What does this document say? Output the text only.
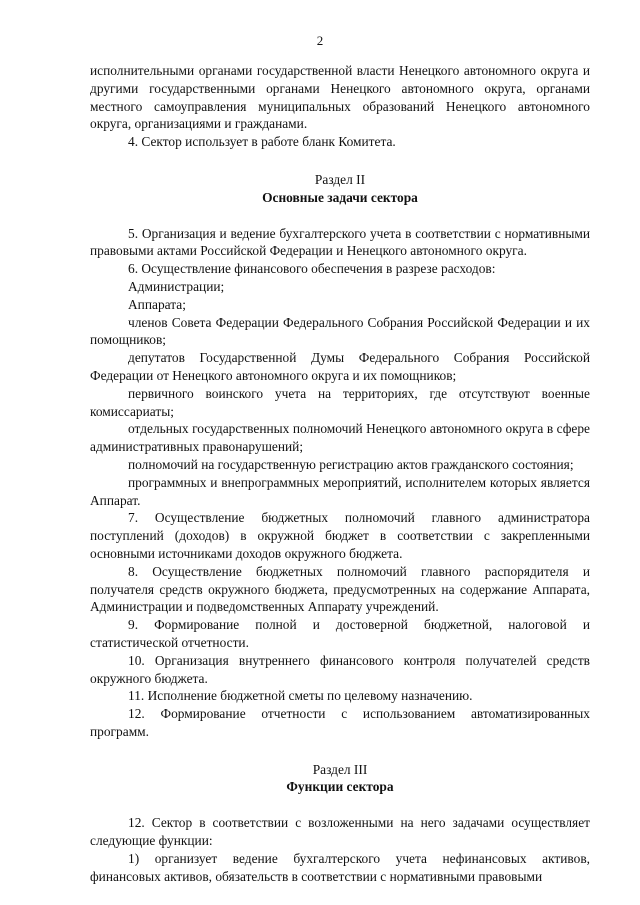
2

исполнительными органами государственной власти Ненецкого автономного округа и другими государственными органами Ненецкого автономного округа, органами местного самоуправления муниципальных образований Ненецкого автономного округа, организациями и гражданами.

4. Сектор использует в работе бланк Комитета.

Раздел II

Основные задачи сектора

5. Организация и ведение бухгалтерского учета в соответствии с нормативными правовыми актами Российской Федерации и Ненецкого автономного округа.

6. Осуществление финансового обеспечения в разрезе расходов:

Администрации;

Аппарата;

членов Совета Федерации Федерального Собрания Российской Федерации и их помощников;

депутатов Государственной Думы Федерального Собрания Российской Федерации от Ненецкого автономного округа и их помощников;

первичного воинского учета на территориях, где отсутствуют военные комиссариаты;

отдельных государственных полномочий Ненецкого автономного округа в сфере административных правонарушений;

полномочий на государственную регистрацию актов гражданского состояния;

программных и внепрограммных мероприятий, исполнителем которых является Аппарат.

7. Осуществление бюджетных полномочий главного администратора поступлений (доходов) в окружной бюджет в соответствии с закрепленными основными источниками доходов окружного бюджета.

8. Осуществление бюджетных полномочий главного распорядителя и получателя средств окружного бюджета, предусмотренных на содержание Аппарата, Администрации и подведомственных Аппарату учреждений.

9. Формирование полной и достоверной бюджетной, налоговой и статистической отчетности.

10. Организация внутреннего финансового контроля получателей средств окружного бюджета.

11. Исполнение бюджетной сметы по целевому назначению.

12. Формирование отчетности с использованием автоматизированных программ.

Раздел III

Функции сектора

12. Сектор в соответствии с возложенными на него задачами осуществляет следующие функции:

1) организует ведение бухгалтерского учета нефинансовых активов, финансовых активов, обязательств в соответствии с нормативными правовыми
